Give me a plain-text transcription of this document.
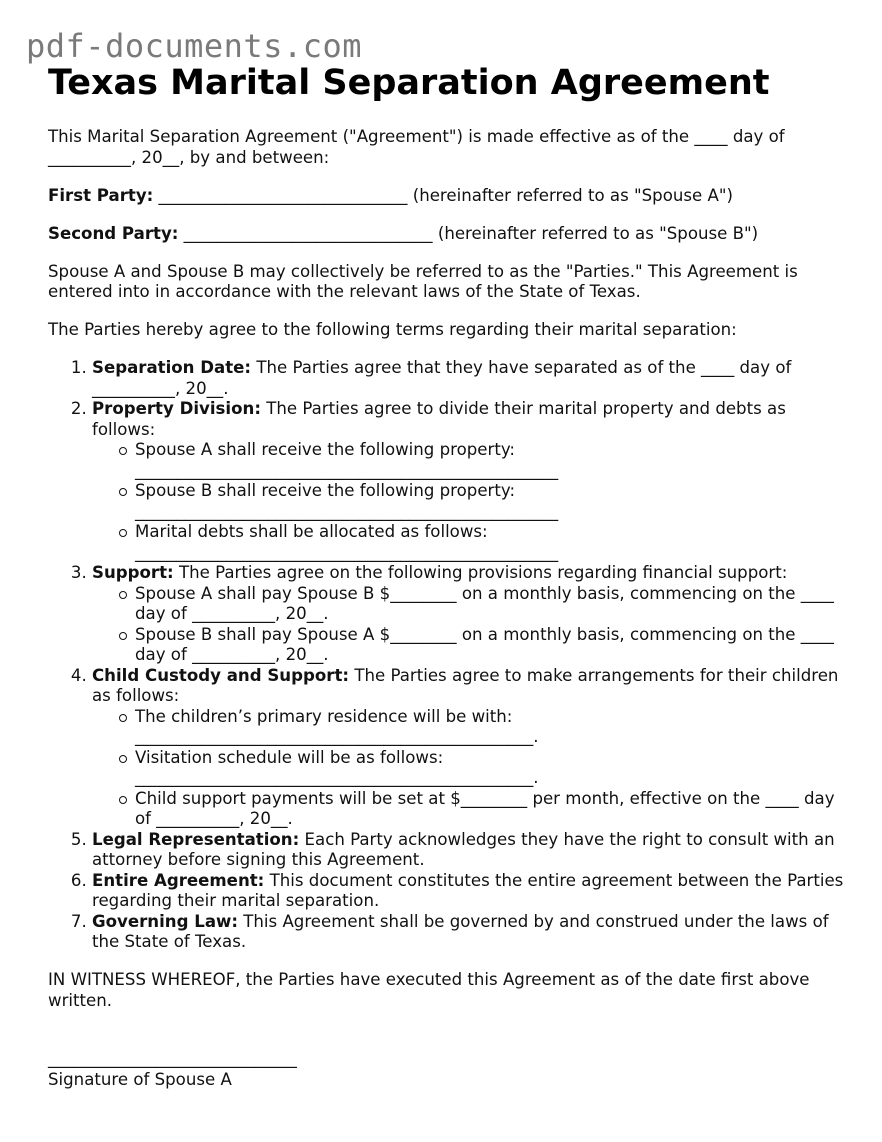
pdf-documents.com
Texas Marital Separation Agreement

This Marital Separation Agreement ("Agreement") is made effective as of the ____ day of __________, 20__, by and between:

First Party: ______________________________ (hereinafter referred to as "Spouse A")

Second Party: ______________________________ (hereinafter referred to as "Spouse B")

Spouse A and Spouse B may collectively be referred to as the "Parties." This Agreement is entered into in accordance with the relevant laws of the State of Texas.

The Parties hereby agree to the following terms regarding their marital separation:

1. Separation Date: The Parties agree that they have separated as of the ____ day of __________, 20__.
2. Property Division: The Parties agree to divide their marital property and debts as follows:
Spouse A shall receive the following property: ___________________________________________________
Spouse B shall receive the following property: ___________________________________________________
Marital debts shall be allocated as follows: ___________________________________________________
3. Support: The Parties agree on the following provisions regarding financial support:
Spouse A shall pay Spouse B $________ on a monthly basis, commencing on the ____ day of __________, 20__.
Spouse B shall pay Spouse A $________ on a monthly basis, commencing on the ____ day of __________, 20__.
4. Child Custody and Support: The Parties agree to make arrangements for their children as follows:
The children’s primary residence will be with: ________________________________________________.
Visitation schedule will be as follows: ________________________________________________.
Child support payments will be set at $________ per month, effective on the ____ day of __________, 20__.
5. Legal Representation: Each Party acknowledges they have the right to consult with an attorney before signing this Agreement.
6. Entire Agreement: This document constitutes the entire agreement between the Parties regarding their marital separation.
7. Governing Law: This Agreement shall be governed by and construed under the laws of the State of Texas.

IN WITNESS WHEREOF, the Parties have executed this Agreement as of the date first above written.

______________________________
Signature of Spouse A
